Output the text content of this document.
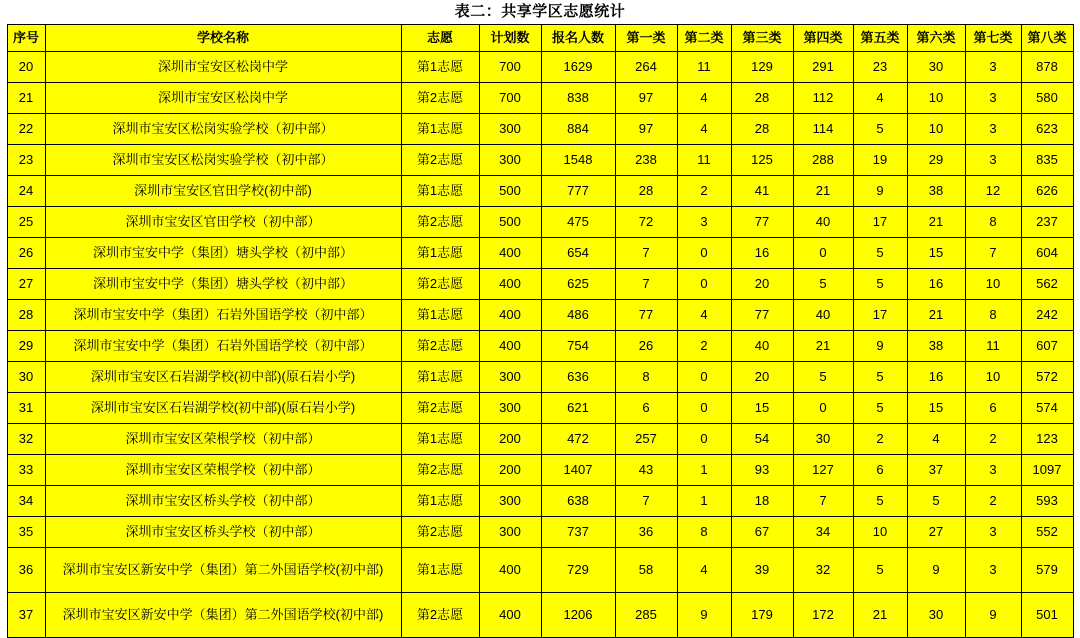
表二：共享学区志愿统计
序号	学校名称	志愿	计划数	报名人数	第一类	第二类	第三类	第四类	第五类	第六类	第七类	第八类
20	深圳市宝安区松岗中学	第1志愿	700	1629	264	11	129	291	23	30	3	878
21	深圳市宝安区松岗中学	第2志愿	700	838	97	4	28	112	4	10	3	580
22	深圳市宝安区松岗实验学校（初中部）	第1志愿	300	884	97	4	28	114	5	10	3	623
23	深圳市宝安区松岗实验学校（初中部）	第2志愿	300	1548	238	11	125	288	19	29	3	835
24	深圳市宝安区官田学校(初中部)	第1志愿	500	777	28	2	41	21	9	38	12	626
25	深圳市宝安区官田学校（初中部）	第2志愿	500	475	72	3	77	40	17	21	8	237
26	深圳市宝安中学（集团）塘头学校（初中部）	第1志愿	400	654	7	0	16	0	5	15	7	604
27	深圳市宝安中学（集团）塘头学校（初中部）	第2志愿	400	625	7	0	20	5	5	16	10	562
28	深圳市宝安中学（集团）石岩外国语学校（初中部）	第1志愿	400	486	77	4	77	40	17	21	8	242
29	深圳市宝安中学（集团）石岩外国语学校（初中部）	第2志愿	400	754	26	2	40	21	9	38	11	607
30	深圳市宝安区石岩湖学校(初中部)(原石岩小学)	第1志愿	300	636	8	0	20	5	5	16	10	572
31	深圳市宝安区石岩湖学校(初中部)(原石岩小学)	第2志愿	300	621	6	0	15	0	5	15	6	574
32	深圳市宝安区荣根学校（初中部）	第1志愿	200	472	257	0	54	30	2	4	2	123
33	深圳市宝安区荣根学校（初中部）	第2志愿	200	1407	43	1	93	127	6	37	3	1097
34	深圳市宝安区桥头学校（初中部）	第1志愿	300	638	7	1	18	7	5	5	2	593
35	深圳市宝安区桥头学校（初中部）	第2志愿	300	737	36	8	67	34	10	27	3	552
36	深圳市宝安区新安中学（集团）第二外国语学校(初中部)	第1志愿	400	729	58	4	39	32	5	9	3	579
37	深圳市宝安区新安中学（集团）第二外国语学校(初中部)	第2志愿	400	1206	285	9	179	172	21	30	9	501
